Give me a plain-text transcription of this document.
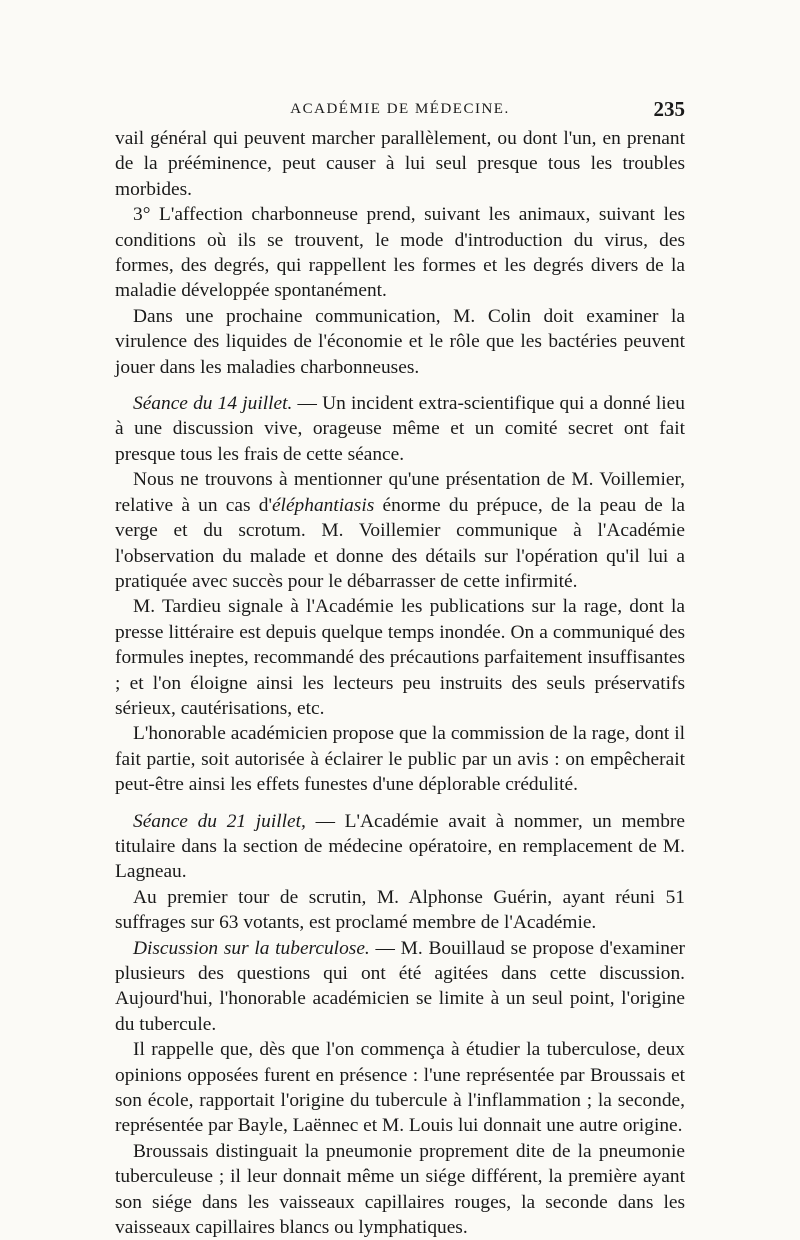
ACADÉMIE DE MÉDECINE.	235

vail général qui peuvent marcher parallèlement, ou dont l'un, en prenant de la prééminence, peut causer à lui seul presque tous les troubles morbides.

3° L'affection charbonneuse prend, suivant les animaux, suivant les conditions où ils se trouvent, le mode d'introduction du virus, des formes, des degrés, qui rappellent les formes et les degrés divers de la maladie développée spontanément.

Dans une prochaine communication, M. Colin doit examiner la virulence des liquides de l'économie et le rôle que les bactéries peuvent jouer dans les maladies charbonneuses.

Séance du 14 juillet. — Un incident extra-scientifique qui a donné lieu à une discussion vive, orageuse même et un comité secret ont fait presque tous les frais de cette séance.

Nous ne trouvons à mentionner qu'une présentation de M. Voillemier, relative à un cas d'éléphantiasis énorme du prépuce, de la peau de la verge et du scrotum. M. Voillemier communique à l'Académie l'observation du malade et donne des détails sur l'opération qu'il lui a pratiquée avec succès pour le débarrasser de cette infirmité.

M. Tardieu signale à l'Académie les publications sur la rage, dont la presse littéraire est depuis quelque temps inondée. On a communiqué des formules ineptes, recommandé des précautions parfaitement insuffisantes ; et l'on éloigne ainsi les lecteurs peu instruits des seuls préservatifs sérieux, cautérisations, etc.

L'honorable académicien propose que la commission de la rage, dont il fait partie, soit autorisée à éclairer le public par un avis : on empêcherait peut-être ainsi les effets funestes d'une déplorable crédulité.

Séance du 21 juillet, — L'Académie avait à nommer, un membre titulaire dans la section de médecine opératoire, en remplacement de M. Lagneau.

Au premier tour de scrutin, M. Alphonse Guérin, ayant réuni 51 suffrages sur 63 votants, est proclamé membre de l'Académie.

Discussion sur la tuberculose. — M. Bouillaud se propose d'examiner plusieurs des questions qui ont été agitées dans cette discussion. Aujourd'hui, l'honorable académicien se limite à un seul point, l'origine du tubercule.

Il rappelle que, dès que l'on commença à étudier la tuberculose, deux opinions opposées furent en présence : l'une représentée par Broussais et son école, rapportait l'origine du tubercule à l'inflammation ; la seconde, représentée par Bayle, Laënnec et M. Louis lui donnait une autre origine.

Broussais distinguait la pneumonie proprement dite de la pneumonie tuberculeuse ; il leur donnait même un siége différent, la première ayant son siége dans les vaisseaux capillaires rouges, la seconde dans les vaisseaux capillaires blancs ou lymphatiques.
